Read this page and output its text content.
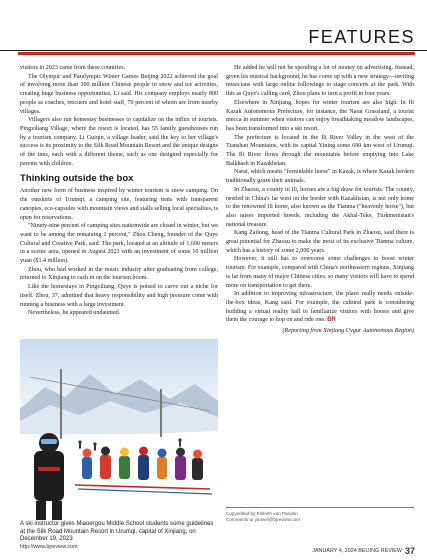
FEATURES

visitors in 2023 came from these countries.

The Olympic and Paralympic Winter Games Beijing 2022 achieved the goal of involving more than 300 million Chinese people in snow and ice activities, creating huge business opportunities, Li said. His company employs nearly 800 people as coaches, rescuers and hotel staff, 70 percent of whom are from nearby villages.

Villagers also run homestay businesses to capitalize on the influx of tourists. Pingxiliang Village, where the resort is located, has 55 family guesthouses run by a tourism company. Li Guiqin, a village leader, said the key to her village's success is its proximity to the Silk Road Mountain Resort and the unique designs of the inns, each with a different theme, such as one designed especially for parents with children.

Thinking outside the box

Another new form of business inspired by winter tourism is snow camping. On the outskirts of Urumqi, a camping site, featuring tents with transparent canopies, eco-capsules with mountain views and stalls selling local specialties, is open for reservations.

"Ninety-nine percent of camping sites nationwide are closed in winter, but we want to be among the remaining 1 percent," Zhou Cheng, founder of the Quye Cultural and Creative Park, said. The park, located at an altitude of 1,600 meters in a scenic area, opened in August 2023 with an investment of some 10 million yuan ($1.4 million).

Zhou, who had worked in the music industry after graduating from college, returned to Xinjiang to cash in on the tourism boom.

Like the homestays in Pingxiliang, Quye is poised to carve out a niche for itself. Zhou, 37, admitted that heavy responsibility and high pressure come with running a business with a large investment.

Nevertheless, he appeared undaunted.

A ski instructor gives Miaoergou Middle School students some guidelines at the Silk Road Mountain Resort in Urumqi, capital of Xinjiang, on December 19, 2023

He added he will not be spending a lot of money on advertising. Instead, given his musical background, he has come up with a new strategy—inviting musicians with large online followings to stage concerts at the park. With this as Quye's calling card, Zhou plans to turn a profit in four years.

Elsewhere in Xinjiang, hopes for winter tourism are also high. In Ili Kazak Autonomous Prefecture, for instance, the Narat Grassland, a tourist mecca in summer when visitors can enjoy breathtaking meadow landscapes, has been transformed into a ski resort.

The prefecture is located in the Ili River Valley in the west of the Tianshan Mountains, with its capital Yining some 690 km west of Urumqi. The Ili River flows through the mountains before emptying into Lake Balkhash in Kazakhstan.

Narat, which means "formidable horse" in Kazak, is where Kazak herders traditionally graze their animals.

In Zhaosu, a county in Ili, horses are a big draw for tourists. The county, nestled in China's far west on the border with Kazakhstan, is not only home to the renowned Ili horse, also known as the Tianma ("heavenly horse"), but also raises imported breeds, including the Akhal-Teke, Turkmenistan's national treasure.

Kang Zailong, head of the Tianma Cultural Park in Zhaosu, said there is great potential for Zhaosu to make the most of its exclusive Tianma culture, which has a history of some 2,000 years.

However, it still has to overcome some challenges to boost winter tourism. For example, compared with China's northeastern regions, Xinjiang is far from many of major Chinese cities, so many visitors will have to spend more on transportation to get there.

In addition to improving infrastructure, the place really needs outside-the-box ideas, Kang said. For example, the cultural park is considering building a virtual reality hall to familiarize visitors with horses and give them the courage to hop on and ride one. BR

(Reporting from Xinjiang Uygur Autonomous Region)

Copyedited by Elsbeth van Paridon
Comments to yanwei@bjreview.com
http://www.bjreview.com
JANUARY 4, 2024 BEIJING REVIEW 37
